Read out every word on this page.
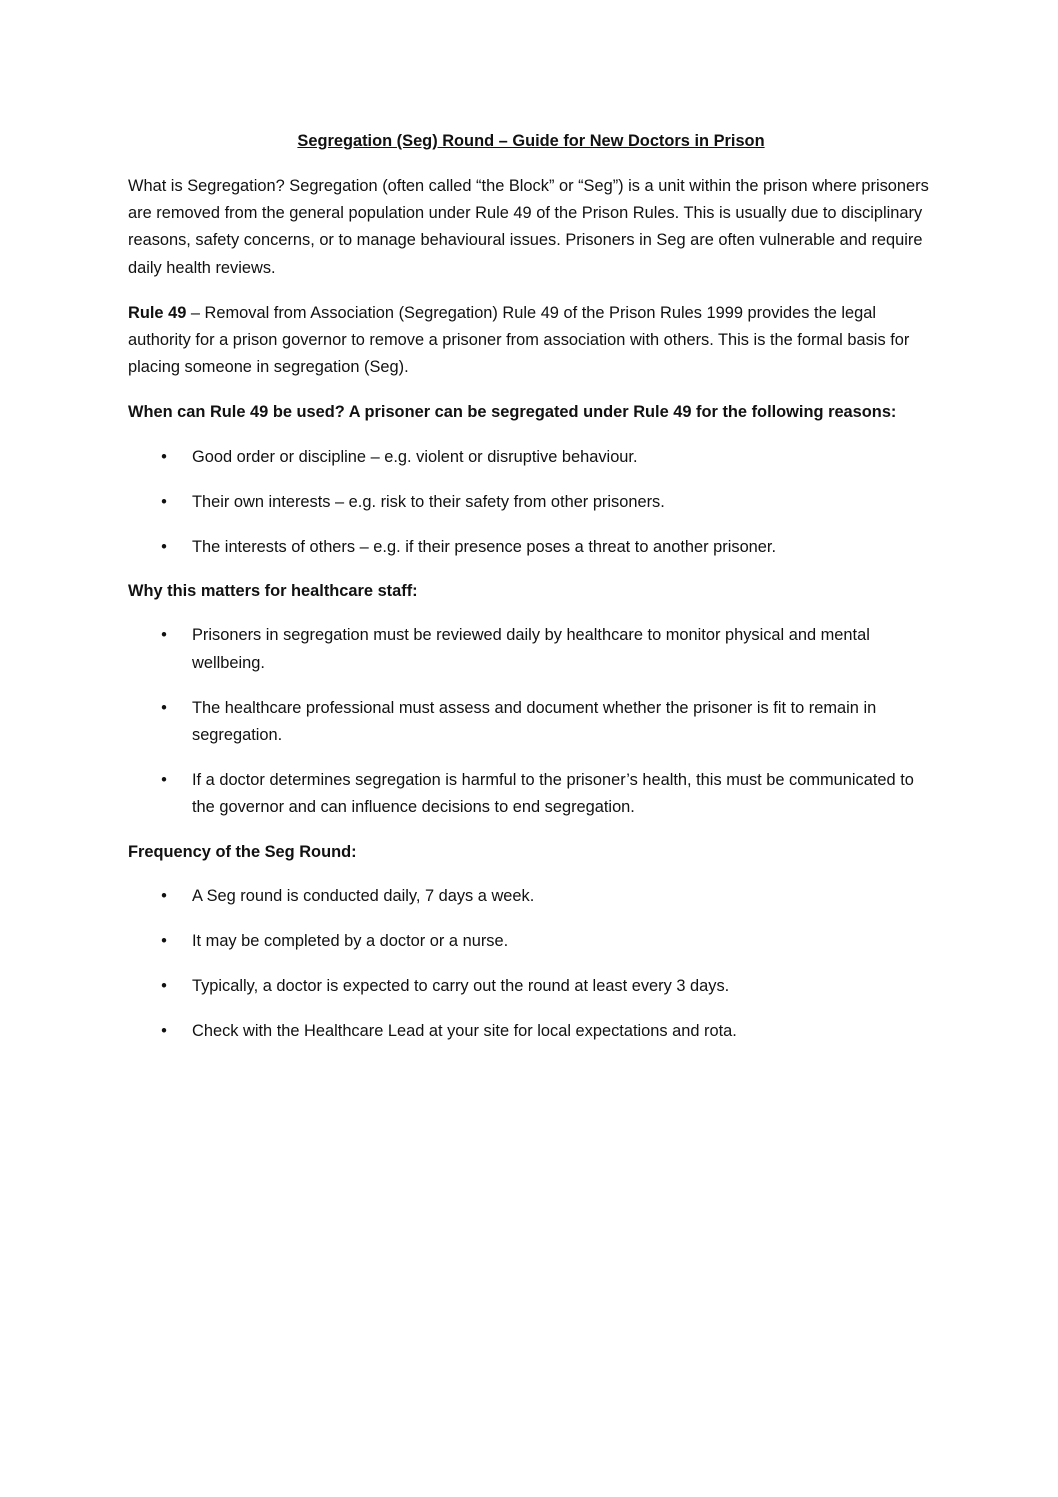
Segregation (Seg) Round – Guide for New Doctors in Prison

What is Segregation? Segregation (often called “the Block” or “Seg”) is a unit within the prison where prisoners are removed from the general population under Rule 49 of the Prison Rules. This is usually due to disciplinary reasons, safety concerns, or to manage behavioural issues. Prisoners in Seg are often vulnerable and require daily health reviews.

Rule 49 – Removal from Association (Segregation) Rule 49 of the Prison Rules 1999 provides the legal authority for a prison governor to remove a prisoner from association with others. This is the formal basis for placing someone in segregation (Seg).

When can Rule 49 be used? A prisoner can be segregated under Rule 49 for the following reasons:
• Good order or discipline – e.g. violent or disruptive behaviour.
• Their own interests – e.g. risk to their safety from other prisoners.
• The interests of others – e.g. if their presence poses a threat to another prisoner.
Why this matters for healthcare staff:
• Prisoners in segregation must be reviewed daily by healthcare to monitor physical and mental wellbeing.
• The healthcare professional must assess and document whether the prisoner is fit to remain in segregation.
• If a doctor determines segregation is harmful to the prisoner’s health, this must be communicated to the governor and can influence decisions to end segregation.
Frequency of the Seg Round:
• A Seg round is conducted daily, 7 days a week.
• It may be completed by a doctor or a nurse.
• Typically, a doctor is expected to carry out the round at least every 3 days.
• Check with the Healthcare Lead at your site for local expectations and rota.
